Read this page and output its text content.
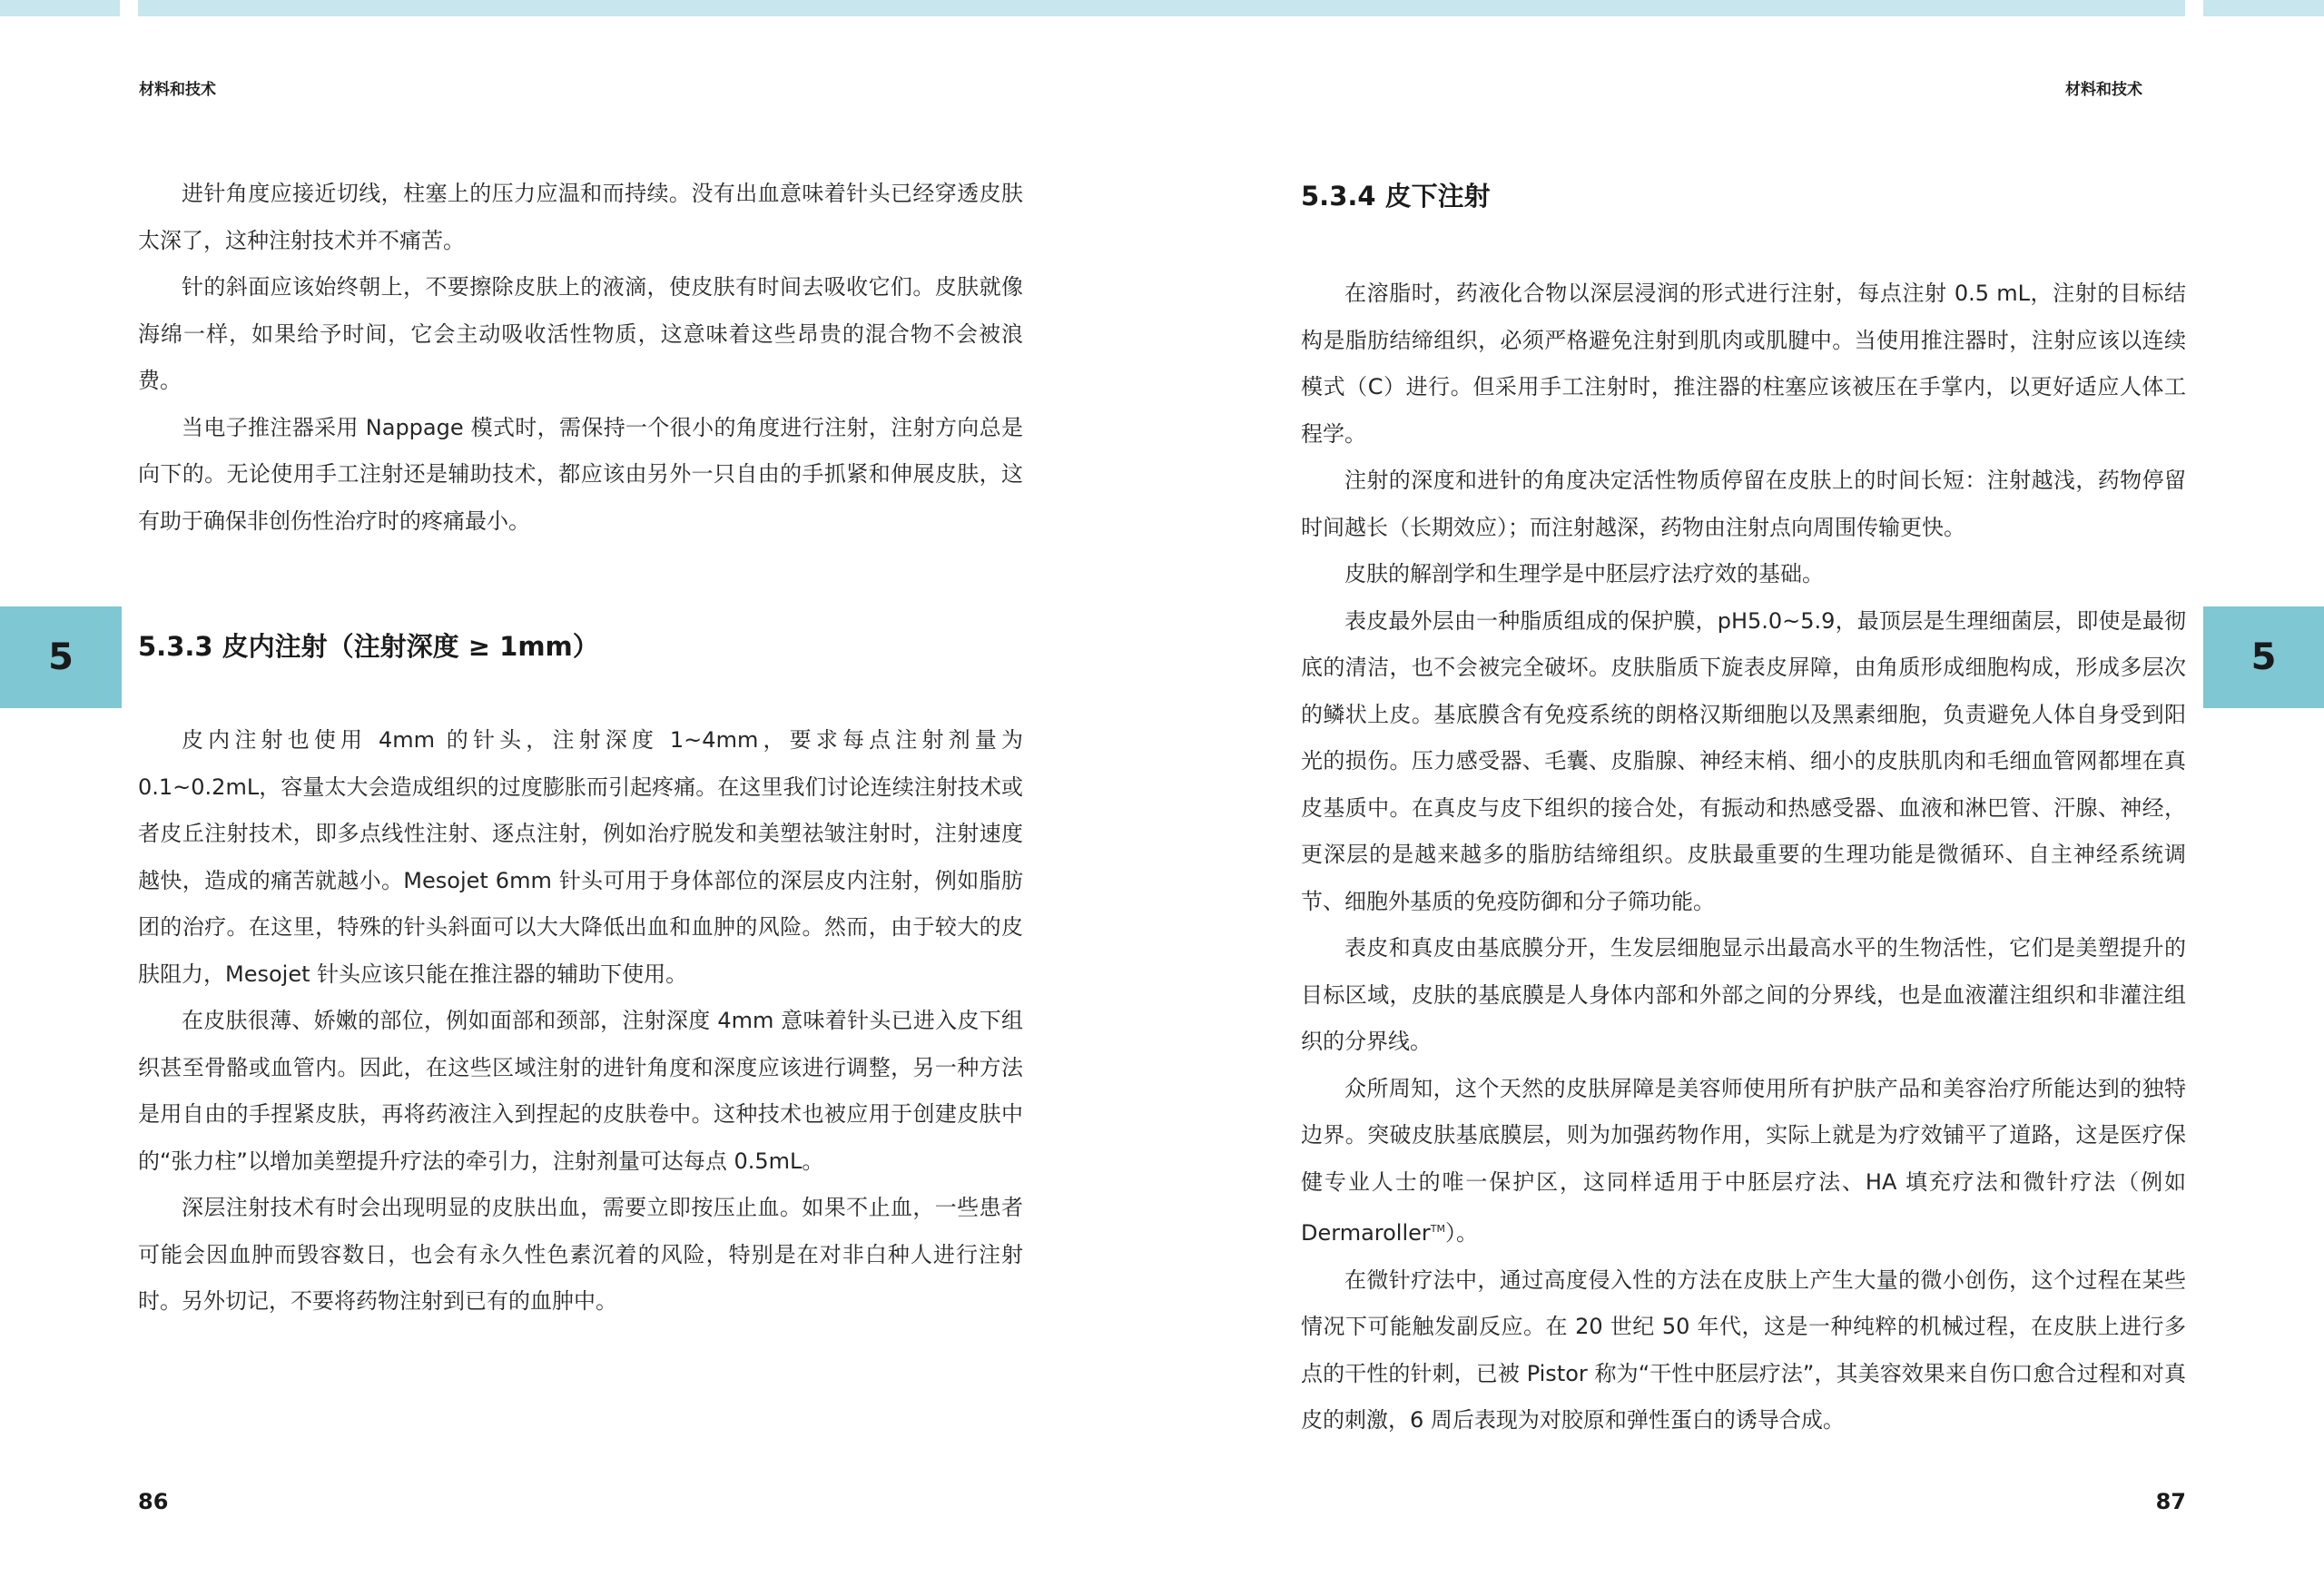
材料和技术
5

进针角度应接近切线，柱塞上的压力应温和而持续。没有出血意味着针头已经穿透皮肤太深了，这种注射技术并不痛苦。

针的斜面应该始终朝上，不要擦除皮肤上的液滴，使皮肤有时间去吸收它们。皮肤就像海绵一样，如果给予时间，它会主动吸收活性物质，这意味着这些昂贵的混合物不会被浪费。

当电子推注器采用 Nappage 模式时，需保持一个很小的角度进行注射，注射方向总是向下的。无论使用手工注射还是辅助技术，都应该由另外一只自由的手抓紧和伸展皮肤，这有助于确保非创伤性治疗时的疼痛最小。

5.3.3 皮内注射（注射深度 ≥ 1mm）

皮内注射也使用 4mm 的针头，注射深度 1~4mm，要求每点注射剂量为 0.1~0.2mL，容量太大会造成组织的过度膨胀而引起疼痛。在这里我们讨论连续注射技术或者皮丘注射技术，即多点线性注射、逐点注射，例如治疗脱发和美塑祛皱注射时，注射速度越快，造成的痛苦就越小。Mesojet 6mm 针头可用于身体部位的深层皮内注射，例如脂肪团的治疗。在这里，特殊的针头斜面可以大大降低出血和血肿的风险。然而，由于较大的皮肤阻力，Mesojet 针头应该只能在推注器的辅助下使用。

在皮肤很薄、娇嫩的部位，例如面部和颈部，注射深度 4mm 意味着针头已进入皮下组织甚至骨骼或血管内。因此，在这些区域注射的进针角度和深度应该进行调整，另一种方法是用自由的手捏紧皮肤，再将药液注入到捏起的皮肤卷中。这种技术也被应用于创建皮肤中的“张力柱”以增加美塑提升疗法的牵引力，注射剂量可达每点 0.5mL。

深层注射技术有时会出现明显的皮肤出血，需要立即按压止血。如果不止血，一些患者可能会因血肿而毁容数日，也会有永久性色素沉着的风险，特别是在对非白种人进行注射时。另外切记，不要将药物注射到已有的血肿中。

86
材料和技术
5
5.3.4 皮下注射

在溶脂时，药液化合物以深层浸润的形式进行注射，每点注射 0.5 mL，注射的目标结构是脂肪结缔组织，必须严格避免注射到肌肉或肌腱中。当使用推注器时，注射应该以连续模式（C）进行。但采用手工注射时，推注器的柱塞应该被压在手掌内，以更好适应人体工程学。

注射的深度和进针的角度决定活性物质停留在皮肤上的时间长短：注射越浅，药物停留时间越长（长期效应）；而注射越深，药物由注射点向周围传输更快。

皮肤的解剖学和生理学是中胚层疗法疗效的基础。

表皮最外层由一种脂质组成的保护膜，pH5.0~5.9，最顶层是生理细菌层，即使是最彻底的清洁，也不会被完全破坏。皮肤脂质下旋表皮屏障，由角质形成细胞构成，形成多层次的鳞状上皮。基底膜含有免疫系统的朗格汉斯细胞以及黑素细胞，负责避免人体自身受到阳光的损伤。压力感受器、毛囊、皮脂腺、神经末梢、细小的皮肤肌肉和毛细血管网都埋在真皮基质中。在真皮与皮下组织的接合处，有振动和热感受器、血液和淋巴管、汗腺、神经，更深层的是越来越多的脂肪结缔组织。皮肤最重要的生理功能是微循环、自主神经系统调节、细胞外基质的免疫防御和分子筛功能。

表皮和真皮由基底膜分开，生发层细胞显示出最高水平的生物活性，它们是美塑提升的目标区域，皮肤的基底膜是人身体内部和外部之间的分界线，也是血液灌注组织和非灌注组织的分界线。

众所周知，这个天然的皮肤屏障是美容师使用所有护肤产品和美容治疗所能达到的独特边界。突破皮肤基底膜层，则为加强药物作用，实际上就是为疗效铺平了道路，这是医疗保健专业人士的唯一保护区，这同样适用于中胚层疗法、HA 填充疗法和微针疗法（例如 Dermaroller™）。

在微针疗法中，通过高度侵入性的方法在皮肤上产生大量的微小创伤，这个过程在某些情况下可能触发副反应。在 20 世纪 50 年代，这是一种纯粹的机械过程，在皮肤上进行多点的干性的针刺，已被 Pistor 称为“干性中胚层疗法”，其美容效果来自伤口愈合过程和对真皮的刺激，6 周后表现为对胶原和弹性蛋白的诱导合成。

87
